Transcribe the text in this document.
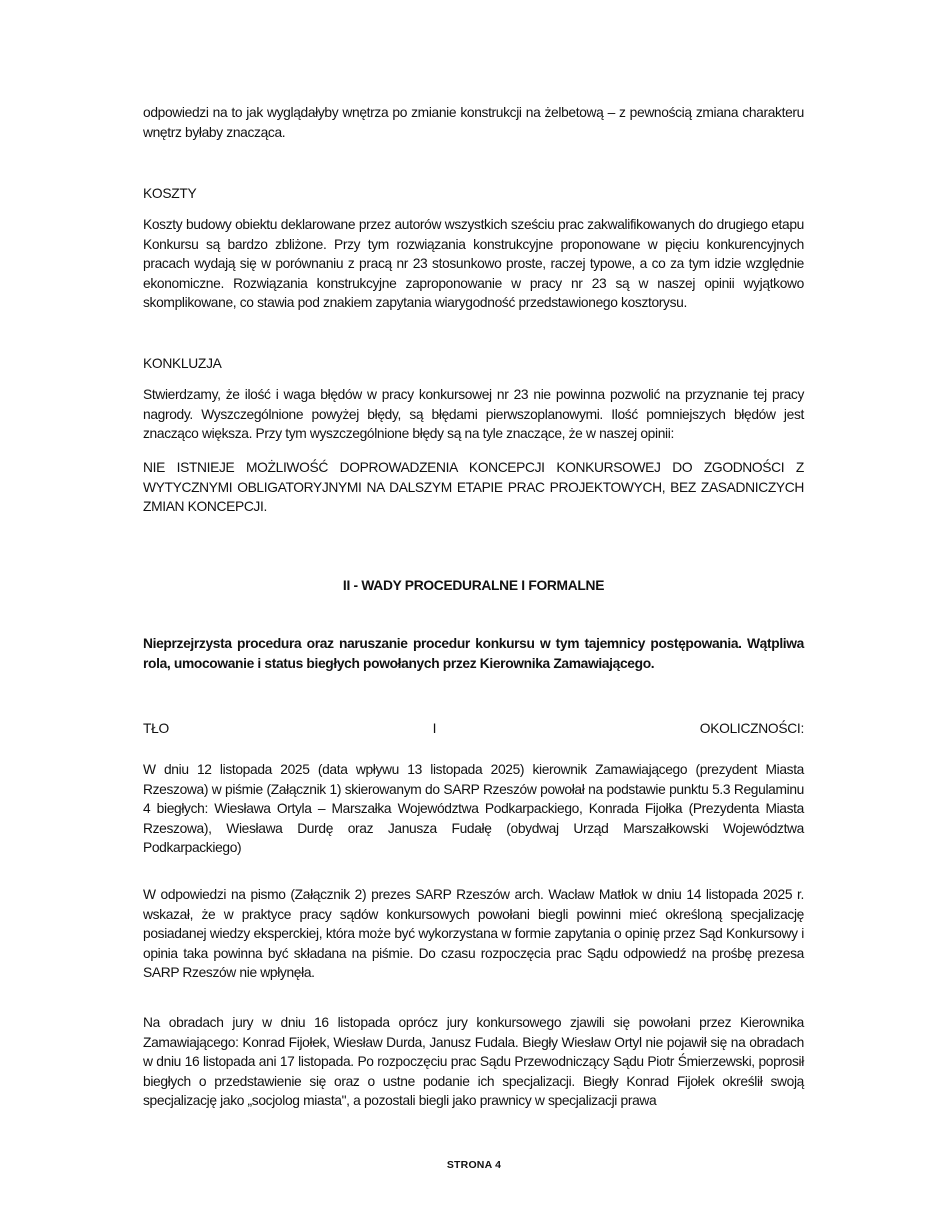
odpowiedzi na to jak wyglądałyby wnętrza po zmianie konstrukcji na żelbetową – z pewnością zmiana charakteru wnętrz byłaby znacząca.

KOSZTY

Koszty budowy obiektu deklarowane przez autorów wszystkich sześciu prac zakwalifikowanych do drugiego etapu Konkursu są bardzo zbliżone. Przy tym rozwiązania konstrukcyjne proponowane w pięciu konkurencyjnych pracach wydają się w porównaniu z pracą nr 23 stosunkowo proste, raczej typowe, a co za tym idzie względnie ekonomiczne. Rozwiązania konstrukcyjne zaproponowanie w pracy nr 23 są w naszej opinii wyjątkowo skomplikowane, co stawia pod znakiem zapytania wiarygodność przedstawionego kosztorysu.

KONKLUZJA

Stwierdzamy, że ilość i waga błędów w pracy konkursowej nr 23 nie powinna pozwolić na przyznanie tej pracy nagrody. Wyszczególnione powyżej błędy, są błędami pierwszoplanowymi. Ilość pomniejszych błędów jest znacząco większa. Przy tym wyszczególnione błędy są na tyle znaczące, że w naszej opinii:

NIE ISTNIEJE MOŻLIWOŚĆ DOPROWADZENIA KONCEPCJI KONKURSOWEJ DO ZGODNOŚCI Z WYTYCZNYMI OBLIGATORYJNYMI NA DALSZYM ETAPIE PRAC PROJEKTOWYCH, BEZ ZASADNICZYCH ZMIAN KONCEPCJI.

II - WADY PROCEDURALNE I FORMALNE

Nieprzejrzysta procedura oraz naruszanie procedur konkursu w tym tajemnicy postępowania. Wątpliwa rola, umocowanie i status biegłych powołanych przez Kierownika Zamawiającego.

TŁO	I	OKOLICZNOŚCI:

W dniu 12 listopada 2025 (data wpływu 13 listopada 2025) kierownik Zamawiającego (prezydent Miasta Rzeszowa) w piśmie (Załącznik 1) skierowanym do SARP Rzeszów powołał na podstawie punktu 5.3 Regulaminu 4 biegłych: Wiesława Ortyla – Marszałka Województwa Podkarpackiego, Konrada Fijołka (Prezydenta Miasta Rzeszowa), Wiesława Durdę oraz Janusza Fudałę (obydwaj Urząd Marszałkowski Województwa Podkarpackiego)

W odpowiedzi na pismo (Załącznik 2) prezes SARP Rzeszów arch. Wacław Matłok w dniu 14 listopada 2025 r. wskazał, że w praktyce pracy sądów konkursowych powołani biegli powinni mieć określoną specjalizację posiadanej wiedzy eksperckiej, która może być wykorzystana w formie zapytania o opinię przez Sąd Konkursowy i opinia taka powinna być składana na piśmie. Do czasu rozpoczęcia prac Sądu odpowiedź na prośbę prezesa SARP Rzeszów nie wpłynęła.

Na obradach jury w dniu 16 listopada oprócz jury konkursowego zjawili się powołani przez Kierownika Zamawiającego: Konrad Fijołek, Wiesław Durda, Janusz Fudala. Biegły Wiesław Ortyl nie pojawił się na obradach w dniu 16 listopada ani 17 listopada. Po rozpoczęciu prac Sądu Przewodniczący Sądu Piotr Śmierzewski, poprosił biegłych o przedstawienie się oraz o ustne podanie ich specjalizacji. Biegły Konrad Fijołek określił swoją specjalizację jako „socjolog miasta", a pozostali biegli jako prawnicy w specjalizacji prawa

STRONA 4
